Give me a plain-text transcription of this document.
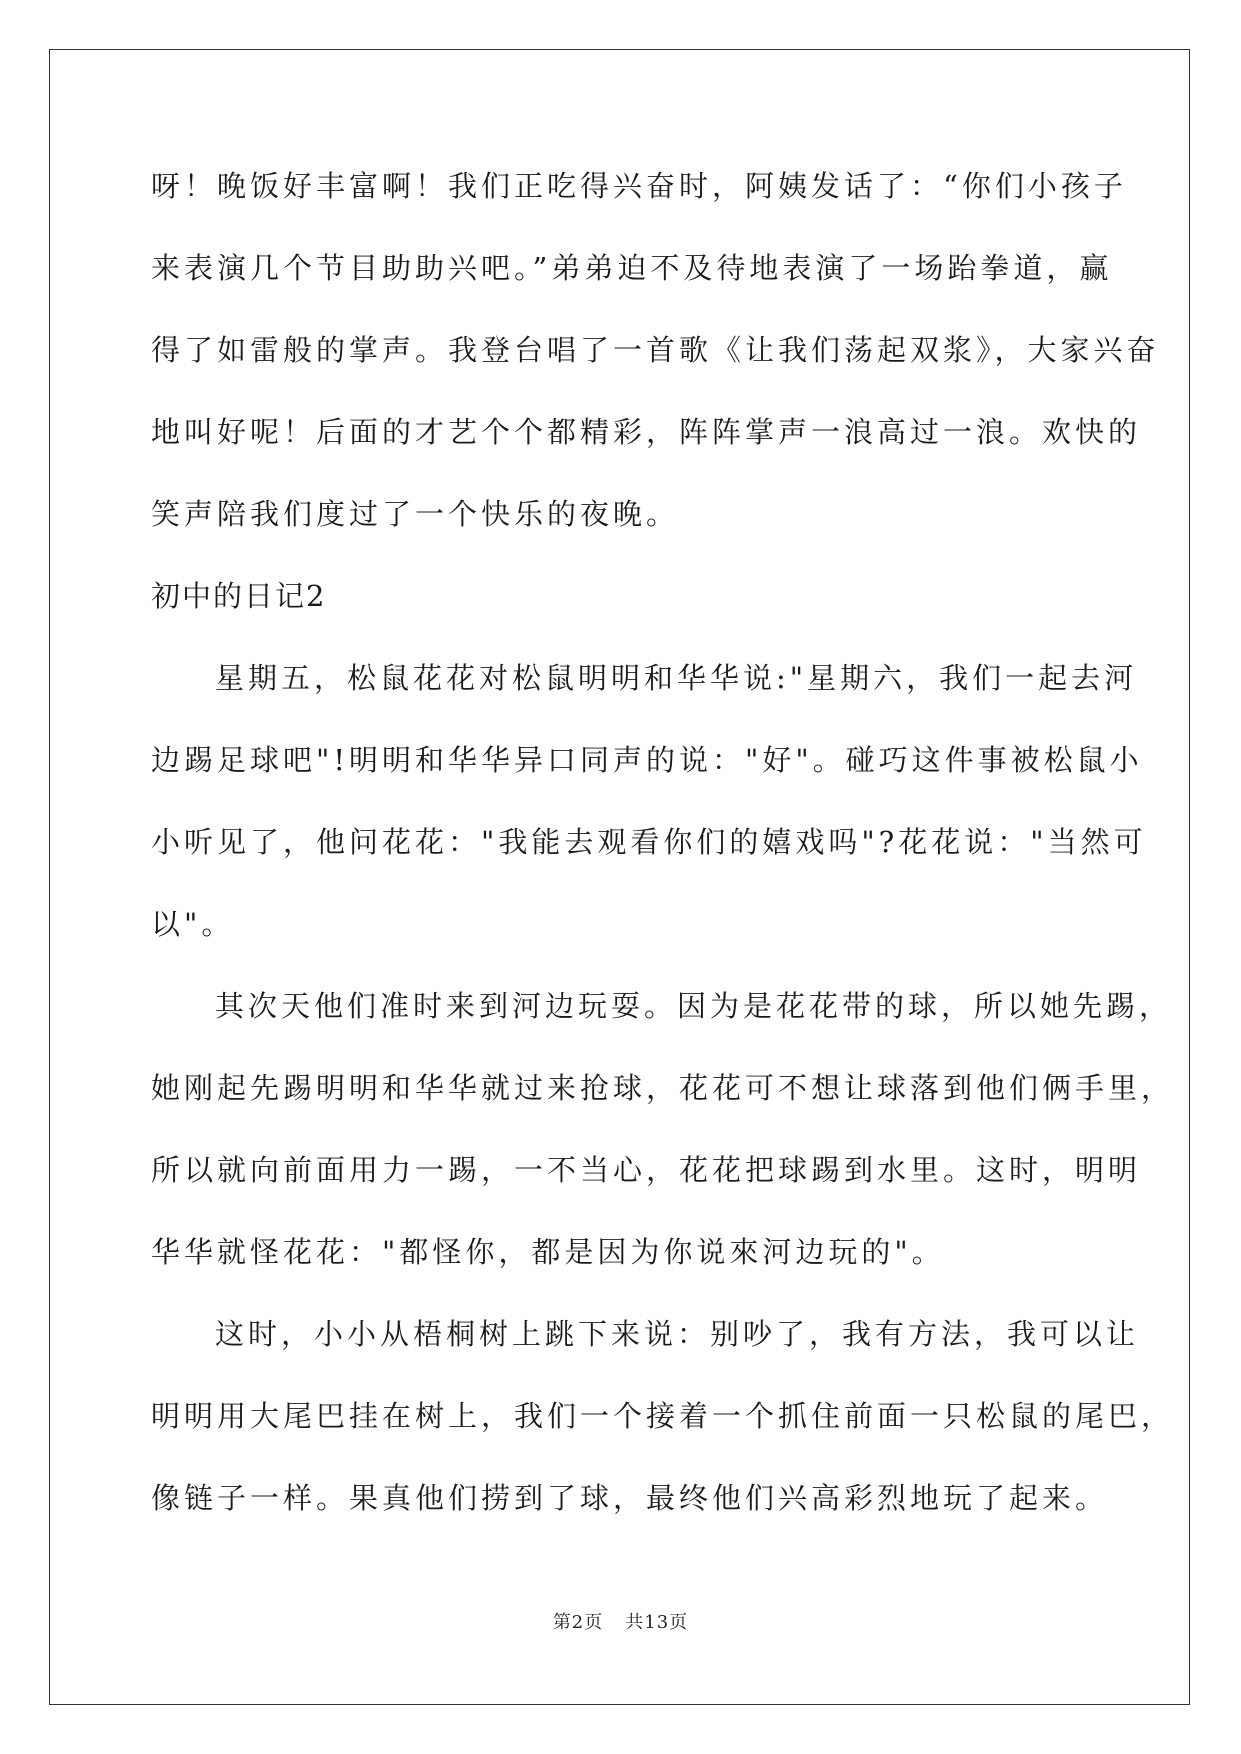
呀！晚饭好丰富啊！我们正吃得兴奋时，阿姨发话了：“你们小孩子
来表演几个节目助助兴吧。”弟弟迫不及待地表演了一场跆拳道，赢
得了如雷般的掌声。我登台唱了一首歌《让我们荡起双浆》，大家兴奋
地叫好呢！后面的才艺个个都精彩，阵阵掌声一浪高过一浪。欢快的
笑声陪我们度过了一个快乐的夜晚。
初中的日记2
星期五，松鼠花花对松鼠明明和华华说:"星期六，我们一起去河
边踢足球吧"!明明和华华异口同声的说："好"。碰巧这件事被松鼠小
小听见了，他问花花："我能去观看你们的嬉戏吗"?花花说："当然可
以"。
其次天他们准时来到河边玩耍。因为是花花带的球，所以她先踢，
她刚起先踢明明和华华就过来抢球，花花可不想让球落到他们俩手里，
所以就向前面用力一踢，一不当心，花花把球踢到水里。这时，明明
华华就怪花花："都怪你，都是因为你说來河边玩的"。
这时，小小从梧桐树上跳下来说：别吵了，我有方法，我可以让
明明用大尾巴挂在树上，我们一个接着一个抓住前面一只松鼠的尾巴，
像链子一样。果真他们捞到了球，最终他们兴高彩烈地玩了起来。
第2页 共13页
